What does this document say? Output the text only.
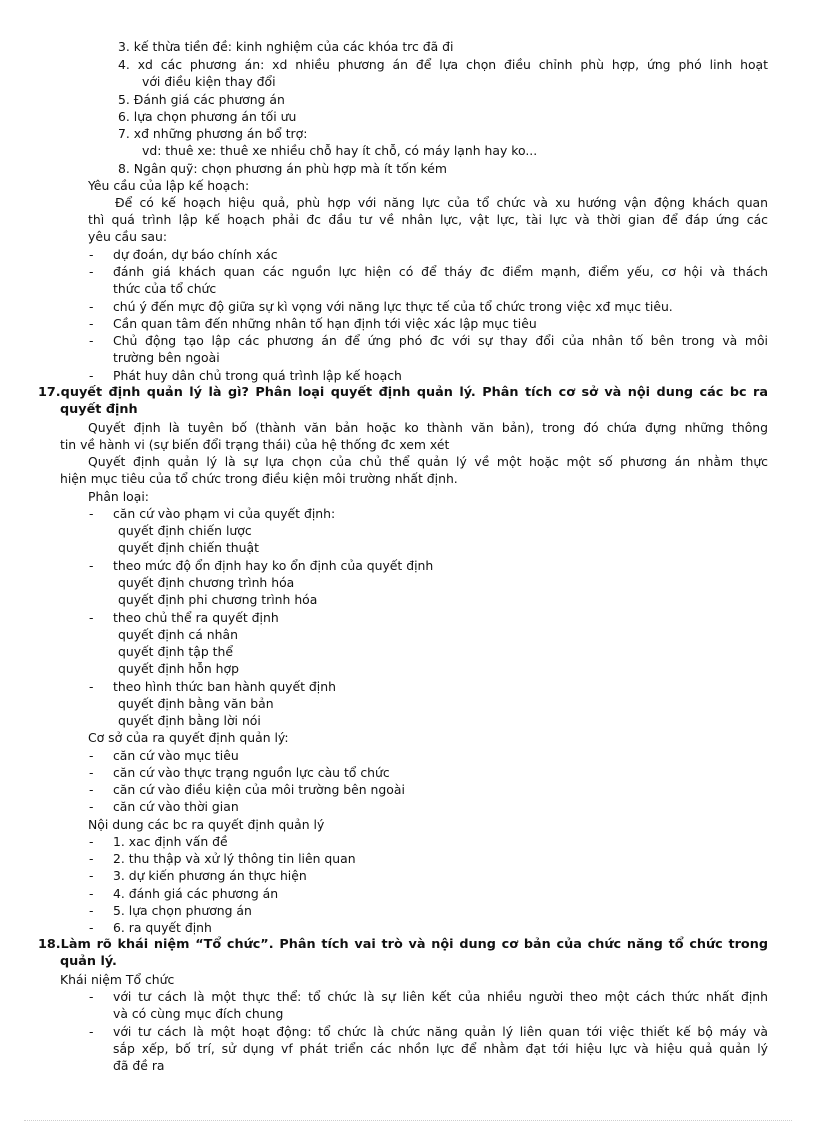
3. kế thừa tiền đề: kinh nghiệm của các khóa trc đã đi
4. xd các phương án: xd nhiều phương án để lựa chọn điều chỉnh phù hợp, ứng phó linh hoạt
với điều kiện thay đổi
5. Đánh giá các phương án
6. lựa chọn phương án tối ưu
7. xđ những phương án bổ trợ:
vd: thuê xe: thuê xe nhiều chỗ hay ít chỗ, có máy lạnh hay ko...
8. Ngân quỹ: chọn phương án phù hợp mà ít tốn kém
Yêu cầu của lập kế hoạch:
Để có kế hoạch hiệu quả, phù hợp với năng lực của tổ chức và xu hướng vận động khách quan
thì quá trình lập kế hoạch phải đc đầu tư về nhân lực, vật lực, tài lực và thời gian để đáp ứng các
yêu cầu sau:
- dự đoán, dự báo chính xác
- đánh giá khách quan các nguồn lực hiện có để tháy đc điểm mạnh, điểm yếu, cơ hội và thách
thức của tổ chức
- chú ý đến mực độ giữa sự kì vọng với năng lực thực tế của tổ chức trong việc xđ mục tiêu.
- Cần quan tâm đến những nhân tố hạn định tới việc xác lập mục tiêu
- Chủ động tạo lập các phương án để ứng phó đc với sự thay đổi của nhân tố bên trong và môi
trường bên ngoài
- Phát huy dân chủ trong quá trình lập kế hoạch
17.quyết định quản lý là gì? Phân loại quyết định quản lý. Phân tích cơ sở và nội dung các bc ra
quyết định
Quyết định là tuyên bố (thành văn bản hoặc ko thành văn bản), trong đó chứa đựng những thông
tin về hành vi (sự biến đổi trạng thái) của hệ thống đc xem xét
Quyết định quản lý là sự lựa chọn của chủ thể quản lý về một hoặc một số phương án nhằm thực
hiện mục tiêu của tổ chức trong điều kiện môi trường nhất định.
Phân loại:
- căn cứ vào phạm vi của quyết định:
quyết định chiến lược
quyết định chiến thuật
- theo mức độ ổn định hay ko ổn định của quyết định
quyết định chương trình hóa
quyết định phi chương trình hóa
- theo chủ thể ra quyết định
quyết định cá nhân
quyết định tập thể
quyết định hỗn hợp
- theo hình thức ban hành quyết định
quyết định bằng văn bản
quyết định bằng lời nói
Cơ sở của ra quyết định quản lý:
- căn cứ vào mục tiêu
- căn cứ vào thực trạng nguồn lực càu tổ chức
- căn cứ vào điều kiện của môi trường bên ngoài
- căn cứ vào thời gian
Nội dung các bc ra quyết định quản lý
- 1. xac định vấn đề
- 2. thu thập và xử lý thông tin liên quan
- 3. dự kiến phương án thực hiện
- 4. đánh giá các phương án
- 5. lựa chọn phương án
- 6. ra quyết định
18.Làm rõ khái niệm “Tổ chức”. Phân tích vai trò và nội dung cơ bản của chức năng tổ chức trong
quản lý.
Khái niệm Tổ chức
- với tư cách là một thực thể: tổ chức là sự liên kết của nhiều người theo một cách thức nhất định
và có cùng mục đích chung
- với tư cách là một hoạt động: tổ chức là chức năng quản lý liên quan tới việc thiết kế bộ máy và
sắp xếp, bố trí, sử dụng vf phát triển các nhồn lực để nhằm đạt tới hiệu lực và hiệu quả quản lý
đã đề ra
